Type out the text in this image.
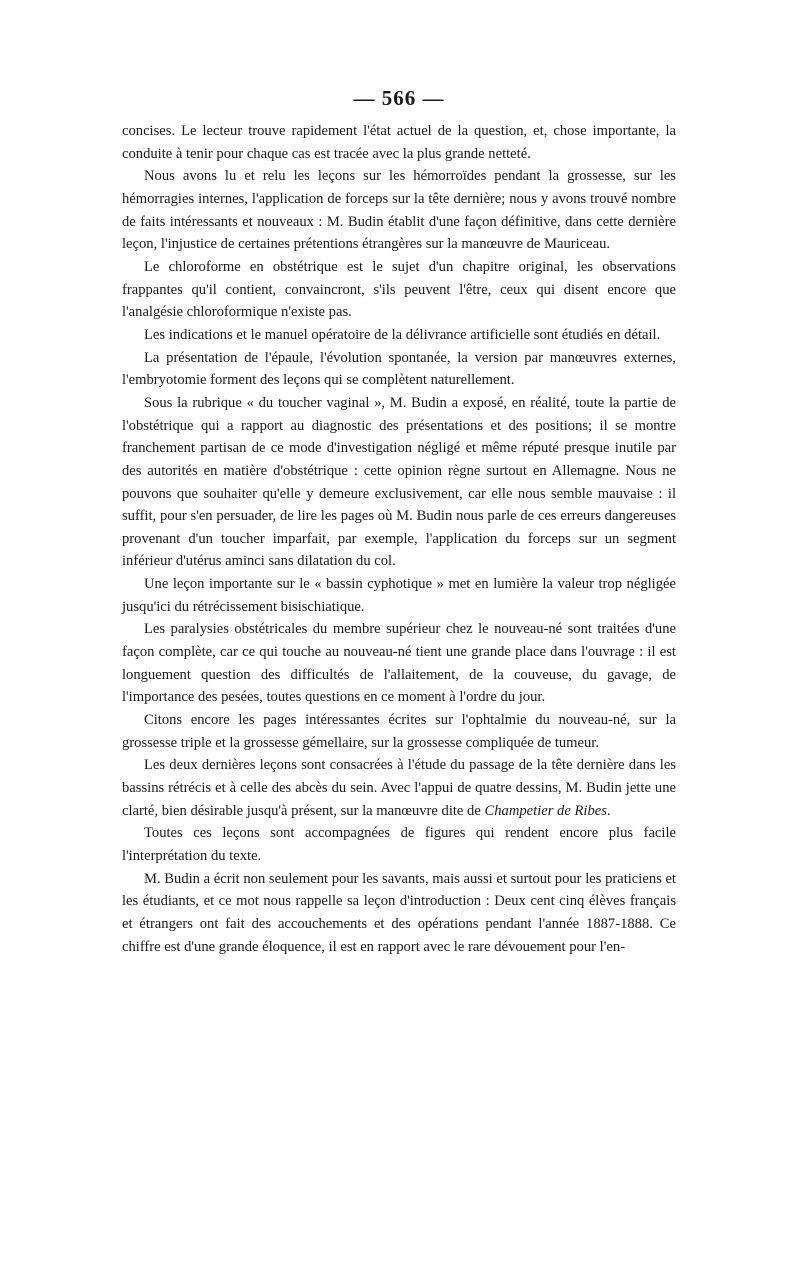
— 566 —

concises. Le lecteur trouve rapidement l'état actuel de la question, et, chose importante, la conduite à tenir pour chaque cas est tracée avec la plus grande netteté.

Nous avons lu et relu les leçons sur les hémorroïdes pendant la grossesse, sur les hémorragies internes, l'application de forceps sur la tête dernière; nous y avons trouvé nombre de faits intéressants et nouveaux : M. Budin établit d'une façon définitive, dans cette dernière leçon, l'injustice de certaines prétentions étrangères sur la manœuvre de Mauriceau.

Le chloroforme en obstétrique est le sujet d'un chapitre original, les observations frappantes qu'il contient, convaincront, s'ils peuvent l'être, ceux qui disent encore que l'analgésie chloroformique n'existe pas.

Les indications et le manuel opératoire de la délivrance artificielle sont étudiés en détail.

La présentation de l'épaule, l'évolution spontanée, la version par manœuvres externes, l'embryotomie forment des leçons qui se complètent naturellement.

Sous la rubrique « du toucher vaginal », M. Budin a exposé, en réalité, toute la partie de l'obstétrique qui a rapport au diagnostic des présentations et des positions; il se montre franchement partisan de ce mode d'investigation négligé et même réputé presque inutile par des autorités en matière d'obstétrique : cette opinion règne surtout en Allemagne. Nous ne pouvons que souhaiter qu'elle y demeure exclusivement, car elle nous semble mauvaise : il suffit, pour s'en persuader, de lire les pages où M. Budin nous parle de ces erreurs dangereuses provenant d'un toucher imparfait, par exemple, l'application du forceps sur un segment inférieur d'utérus aminci sans dilatation du col.

Une leçon importante sur le « bassin cyphotique » met en lumière la valeur trop négligée jusqu'ici du rétrécissement bisischiatique.

Les paralysies obstétricales du membre supérieur chez le nouveau-né sont traitées d'une façon complète, car ce qui touche au nouveau-né tient une grande place dans l'ouvrage : il est longuement question des difficultés de l'allaitement, de la couveuse, du gavage, de l'importance des pesées, toutes questions en ce moment à l'ordre du jour.

Citons encore les pages intéressantes écrites sur l'ophtalmie du nouveau-né, sur la grossesse triple et la grossesse gémellaire, sur la grossesse compliquée de tumeur.

Les deux dernières leçons sont consacrées à l'étude du passage de la tête dernière dans les bassins rétrécis et à celle des abcès du sein. Avec l'appui de quatre dessins, M. Budin jette une clarté, bien désirable jusqu'à présent, sur la manœuvre dite de Champetier de Ribes.

Toutes ces leçons sont accompagnées de figures qui rendent encore plus facile l'interprétation du texte.

M. Budin a écrit non seulement pour les savants, mais aussi et surtout pour les praticiens et les étudiants, et ce mot nous rappelle sa leçon d'introduction : Deux cent cinq élèves français et étrangers ont fait des accouchements et des opérations pendant l'année 1887-1888. Ce chiffre est d'une grande éloquence, il est en rapport avec le rare dévouement pour l'en-
